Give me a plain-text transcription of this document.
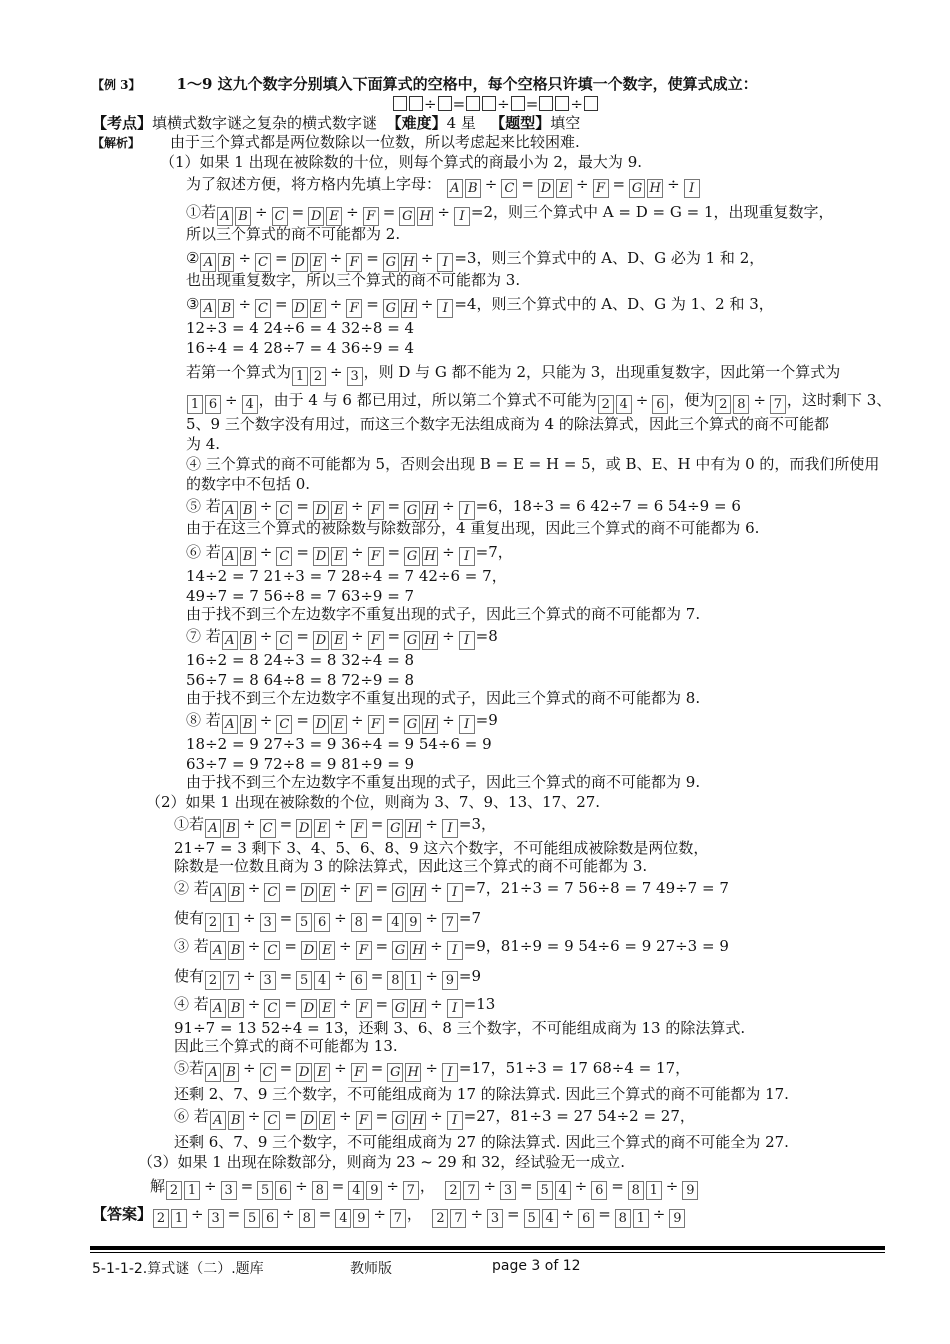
【例 3】 1～9 这九个数字分别填入下面算式的空格中，每个空格只许填一个数字，使算式成立：
÷ = ÷ = ÷
【考点】填横式数字谜之复杂的横式数字谜 【难度】4 星 【题型】填空
【解析】 由于三个算式都是两位数除以一位数，所以考虑起来比较困难.
（1）如果 1 出现在被除数的十位，则每个算式的商最小为 2，最大为 9.
为了叙述方便，将方格内先填上字母： A B ÷ C = D E ÷ F = G H ÷ I
①若 A B ÷ C = D E ÷ F = G H ÷ I =2，则三个算式中 A = D = G = 1，出现重复数字，
所以三个算式的商不可能都为 2.
② A B ÷ C = D E ÷ F = G H ÷ I =3，则三个算式中的 A、D、G 必为 1 和 2，
也出现重复数字，所以三个算式的商不可能都为 3.
③ A B ÷ C = D E ÷ F = G H ÷ I =4，则三个算式中的 A、D、G 为 1、2 和 3，
12÷3 = 4 24÷6 = 4 32÷8 = 4
16÷4 = 4 28÷7 = 4 36÷9 = 4
若第一个算式为 1 2 ÷ 3 ，则 D 与 G 都不能为 2，只能为 3，出现重复数字，因此第一个算式为
1 6 ÷ 4 ，由于 4 与 6 都已用过，所以第二个算式不可能为 2 4 ÷ 6 ，便为 2 8 ÷ 7 ，这时剩下 3、
5、9 三个数字没有用过，而这三个数字无法组成商为 4 的除法算式，因此三个算式的商不可能都
为 4.
④ 三个算式的商不可能都为 5，否则会出现 B = E = H = 5，或 B、E、H 中有为 0 的，而我们所使用
的数字中不包括 0.
⑤ 若 A B ÷ C = D E ÷ F = G H ÷ I =6，18÷3 = 6 42÷7 = 6 54÷9 = 6
由于在这三个算式的被除数与除数部分，4 重复出现，因此三个算式的商不可能都为 6.
⑥ 若 A B ÷ C = D E ÷ F = G H ÷ I =7，
14÷2 = 7 21÷3 = 7 28÷4 = 7 42÷6 = 7，
49÷7 = 7 56÷8 = 7 63÷9 = 7
由于找不到三个左边数字不重复出现的式子，因此三个算式的商不可能都为 7.
⑦ 若 A B ÷ C = D E ÷ F = G H ÷ I =8
16÷2 = 8 24÷3 = 8 32÷4 = 8
56÷7 = 8 64÷8 = 8 72÷9 = 8
由于找不到三个左边数字不重复出现的式子，因此三个算式的商不可能都为 8.
⑧ 若 A B ÷ C = D E ÷ F = G H ÷ I =9
18÷2 = 9 27÷3 = 9 36÷4 = 9 54÷6 = 9
63÷7 = 9 72÷8 = 9 81÷9 = 9
由于找不到三个左边数字不重复出现的式子，因此三个算式的商不可能都为 9.
（2）如果 1 出现在被除数的个位，则商为 3、7、9、13、17、27.
①若 A B ÷ C = D E ÷ F = G H ÷ I =3，
21÷7 = 3 剩下 3、4、5、6、8、9 这六个数字，不可能组成被除数是两位数，
除数是一位数且商为 3 的除法算式，因此这三个算式的商不可能都为 3.
② 若 A B ÷ C = D E ÷ F = G H ÷ I =7，21÷3 = 7 56÷8 = 7 49÷7 = 7
使有 2 1 ÷ 3 = 5 6 ÷ 8 = 4 9 ÷ 7 =7
③ 若 A B ÷ C = D E ÷ F = G H ÷ I =9，81÷9 = 9 54÷6 = 9 27÷3 = 9
使有 2 7 ÷ 3 = 5 4 ÷ 6 = 8 1 ÷ 9 =9
④ 若 A B ÷ C = D E ÷ F = G H ÷ I =13
91÷7 = 13 52÷4 = 13，还剩 3、6、8 三个数字，不可能组成商为 13 的除法算式.
因此三个算式的商不可能都为 13.
⑤若 A B ÷ C = D E ÷ F = G H ÷ I =17，51÷3 = 17 68÷4 = 17，
还剩 2、7、9 三个数字，不可能组成商为 17 的除法算式. 因此三个算式的商不可能都为 17.
⑥ 若 A B ÷ C = D E ÷ F = G H ÷ I =27，81÷3 = 27 54÷2 = 27，
还剩 6、7、9 三个数字，不可能组成商为 27 的除法算式. 因此三个算式的商不可能全为 27.
（3）如果 1 出现在除数部分，则商为 23 ~ 29 和 32，经试验无一成立.
解 2 1 ÷ 3 = 5 6 ÷ 8 = 4 9 ÷ 7 ， 2 7 ÷ 3 = 5 4 ÷ 6 = 8 1 ÷ 9
【答案】 2 1 ÷ 3 = 5 6 ÷ 8 = 4 9 ÷ 7 ， 2 7 ÷ 3 = 5 4 ÷ 6 = 8 1 ÷ 9
5-1-1-2.算式谜（二）.题库	教师版	page 3 of 12
